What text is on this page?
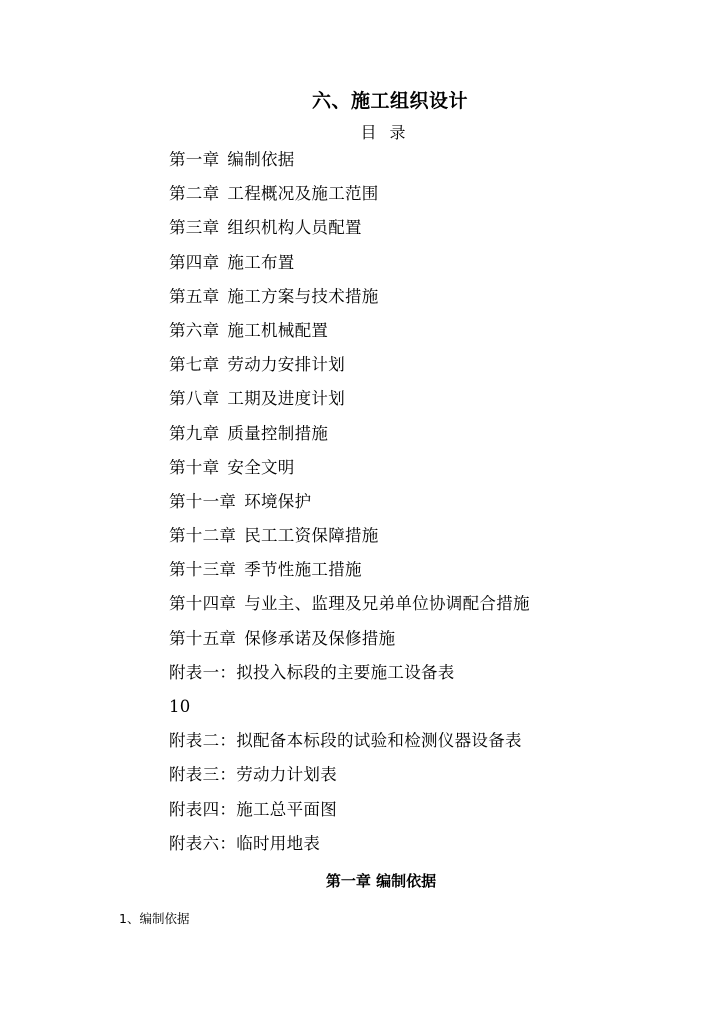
六、施工组织设计
目 录
第一章 编制依据
第二章 工程概况及施工范围
第三章 组织机构人员配置
第四章 施工布置
第五章 施工方案与技术措施
第六章 施工机械配置
第七章 劳动力安排计划
第八章 工期及进度计划
第九章 质量控制措施
第十章 安全文明
第十一章 环境保护
第十二章 民工工资保障措施
第十三章 季节性施工措施
第十四章 与业主、监理及兄弟单位协调配合措施
第十五章 保修承诺及保修措施
附表一：拟投入标段的主要施工设备表
10
附表二：拟配备本标段的试验和检测仪器设备表
附表三：劳动力计划表
附表四：施工总平面图
附表六：临时用地表
第一章 编制依据
1、编制依据
